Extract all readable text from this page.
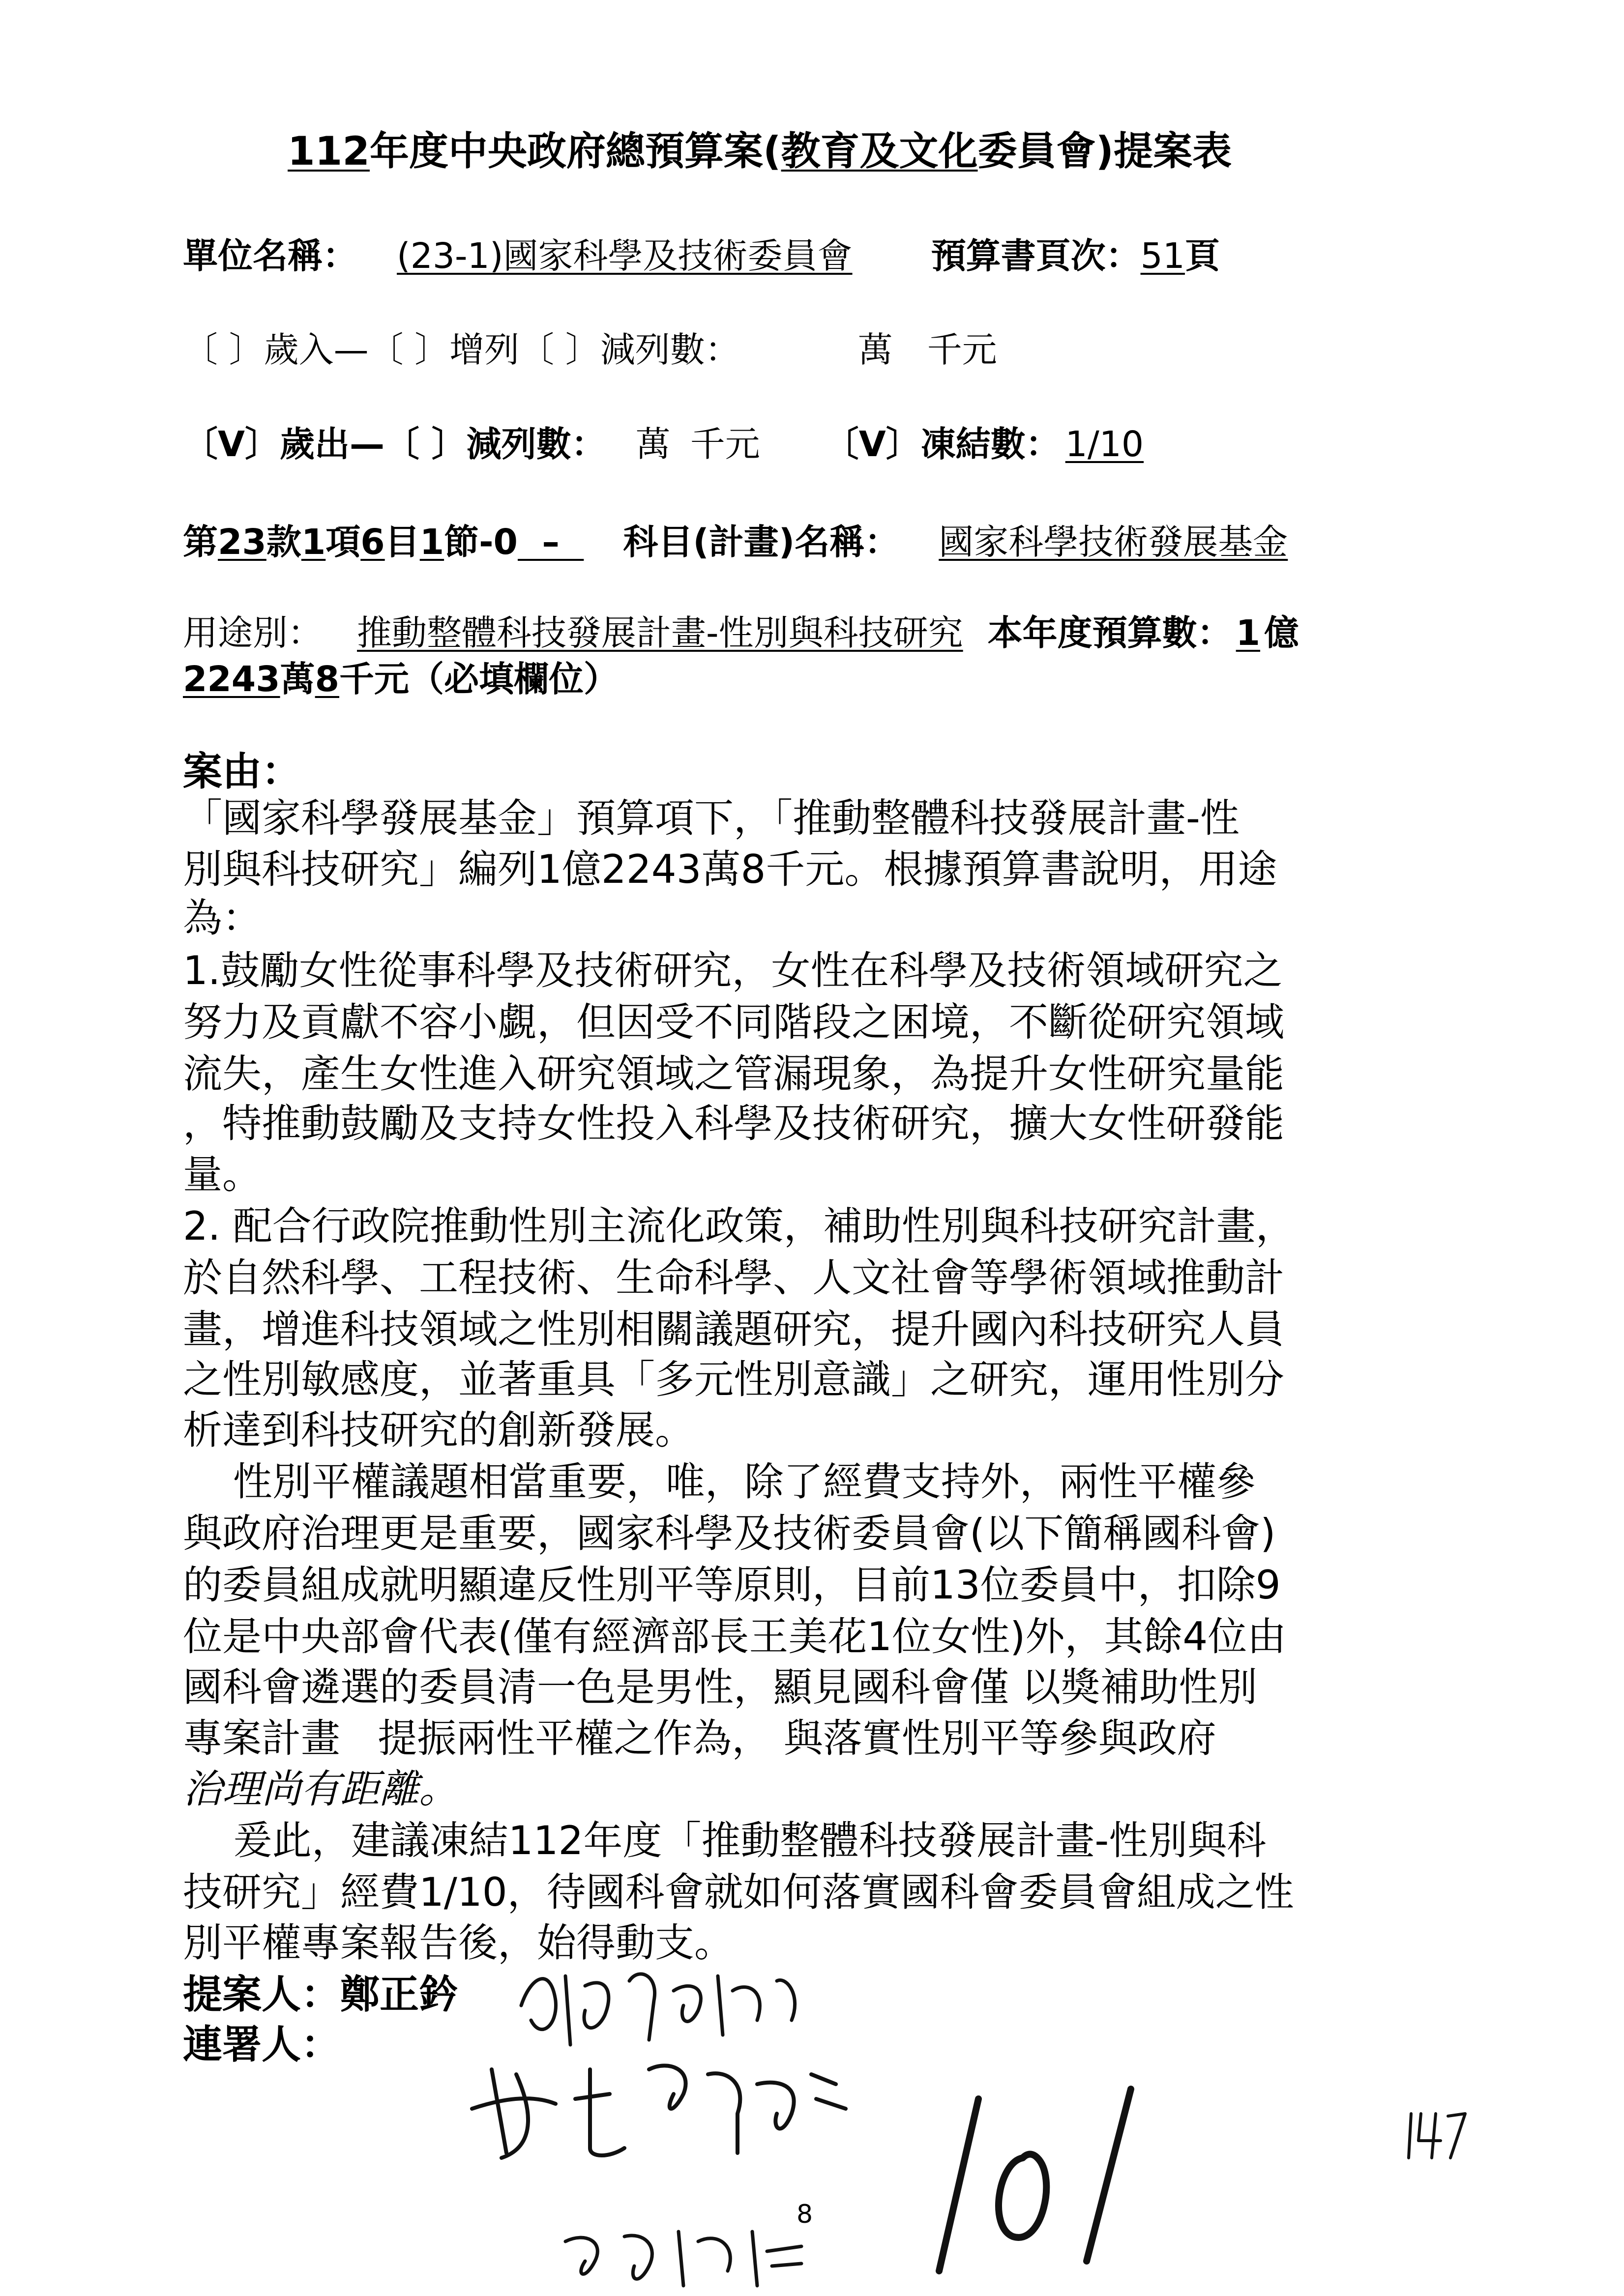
112年度中央政府總預算案(教育及文化委員會)提案表
單位名稱： (23-1)國家科學及技術委員會 預算書頁次：51頁
〔 〕歲入—〔 〕增列〔 〕減列數：	萬 千元
〔V〕歲出—〔 〕減列數： 萬 千元 〔V〕凍結數： 1/10
第23款1項6目1節-0  –  科目(計畫)名稱： 國家科學技術發展基金
用途別： 推動整體科技發展計畫-性別與科技研究 本年度預算數： 1 億
2243萬8千元（必填欄位）
案由：
「國家科學發展基金」預算項下，「推動整體科技發展計畫-性
別與科技研究」編列1億2243萬8千元。根據預算書說明，用途
為：
1.鼓勵女性從事科學及技術研究，女性在科學及技術領域研究之
努力及貢獻不容小覷，但因受不同階段之困境，不斷從研究領域
流失，產生女性進入研究領域之管漏現象，為提升女性研究量能
，特推動鼓勵及支持女性投入科學及技術研究，擴大女性研發能
量。
2. 配合行政院推動性別主流化政策，補助性別與科技研究計畫，
於自然科學、工程技術、生命科學、人文社會等學術領域推動計
畫，增進科技領域之性別相關議題研究，提升國內科技研究人員
之性別敏感度，並著重具「多元性別意識」之研究，運用性別分
析達到科技研究的創新發展。
性別平權議題相當重要，唯，除了經費支持外，兩性平權參
與政府治理更是重要，國家科學及技術委員會(以下簡稱國科會)
的委員組成就明顯違反性別平等原則，目前13位委員中，扣除9
位是中央部會代表(僅有經濟部長王美花1位女性)外，其餘4位由
國科會遴選的委員清一色是男性，顯見國科會僅 以獎補助性別
專案計畫   提振兩性平權之作為， 與落實性別平等參與政府
治理尚有距離。
爰此，建議凍結112年度「推動整體科技發展計畫-性別與科
技研究」經費1/10，待國科會就如何落實國科會委員會組成之性
別平權專案報告後，始得動支。
提案人：鄭正鈐
連署人：
8
